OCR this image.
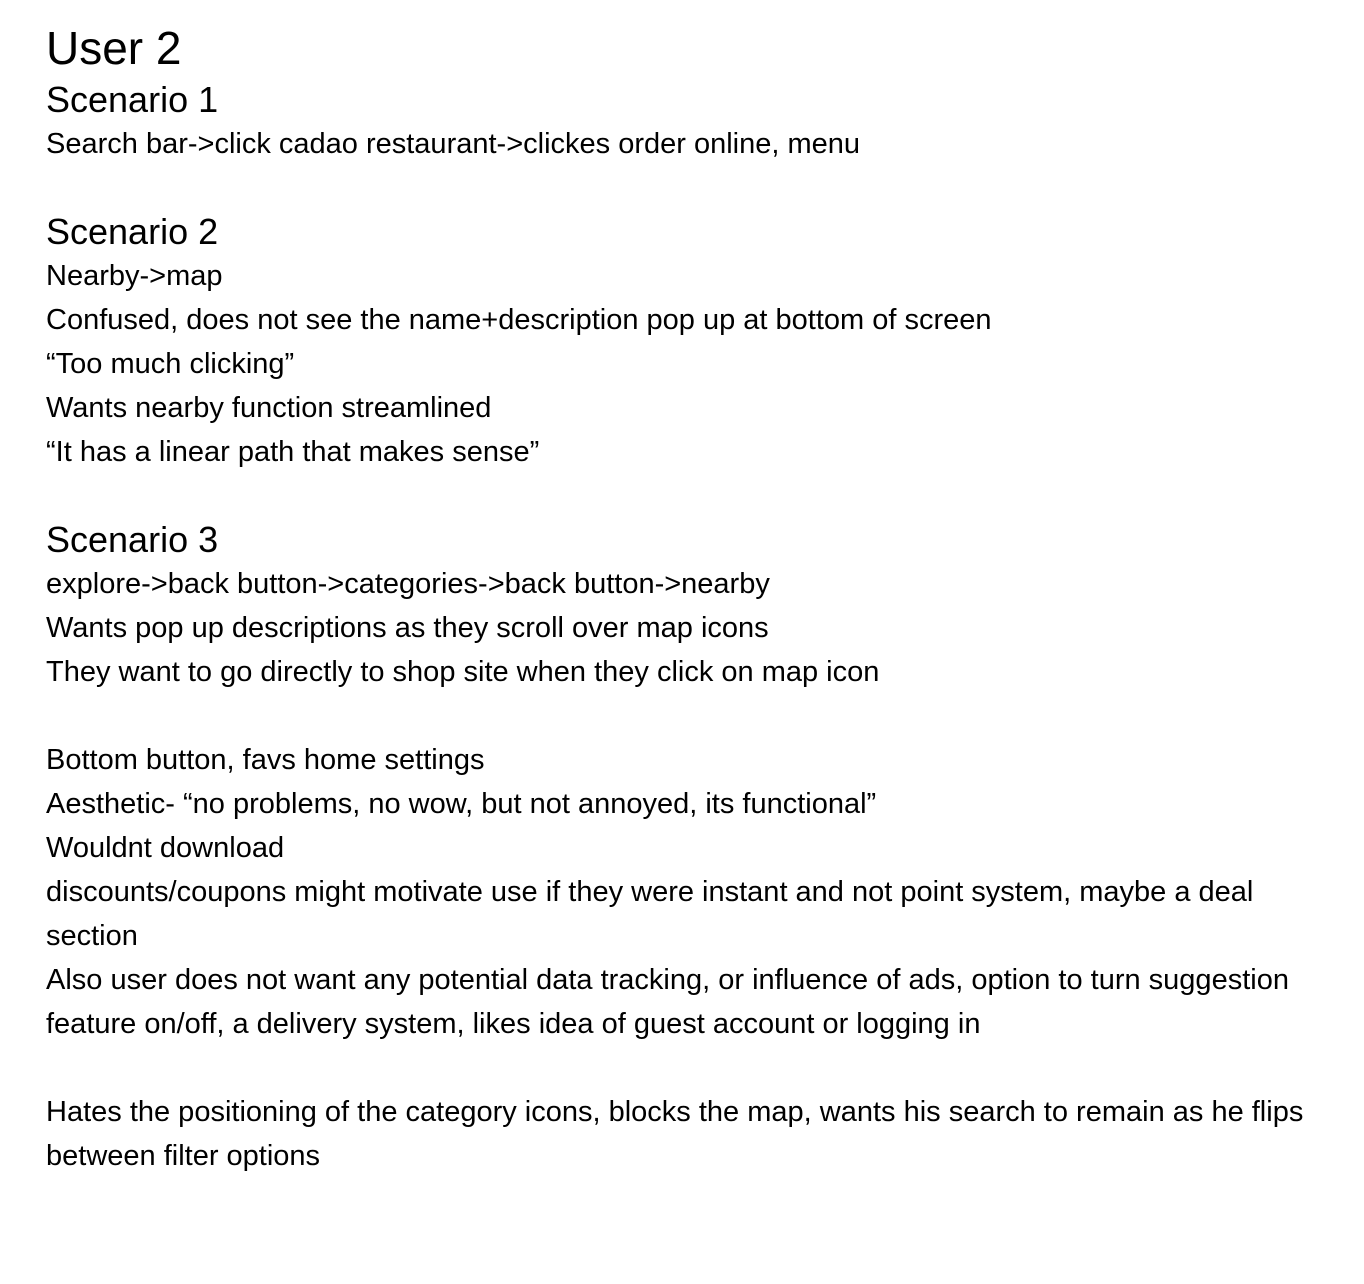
User 2
Scenario 1

Search bar->click cadao restaurant->clickes order online, menu

Scenario 2

Nearby->map

Confused, does not see the name+description pop up at bottom of screen

“Too much clicking”

Wants nearby function streamlined

“It has a linear path that makes sense”

Scenario 3

explore->back button->categories->back button->nearby

Wants pop up descriptions as they scroll over map icons

They want to go directly to shop site when they click on map icon

Bottom button, favs home settings

Aesthetic- “no problems, no wow, but not annoyed, its functional”

Wouldnt download

discounts/coupons might motivate use if they were instant and not point system, maybe a deal section

Also user does not want any potential data tracking, or influence of ads, option to turn suggestion feature on/off, a delivery system, likes idea of guest account or logging in

Hates the positioning of the category icons, blocks the map, wants his search to remain as he flips between filter options
